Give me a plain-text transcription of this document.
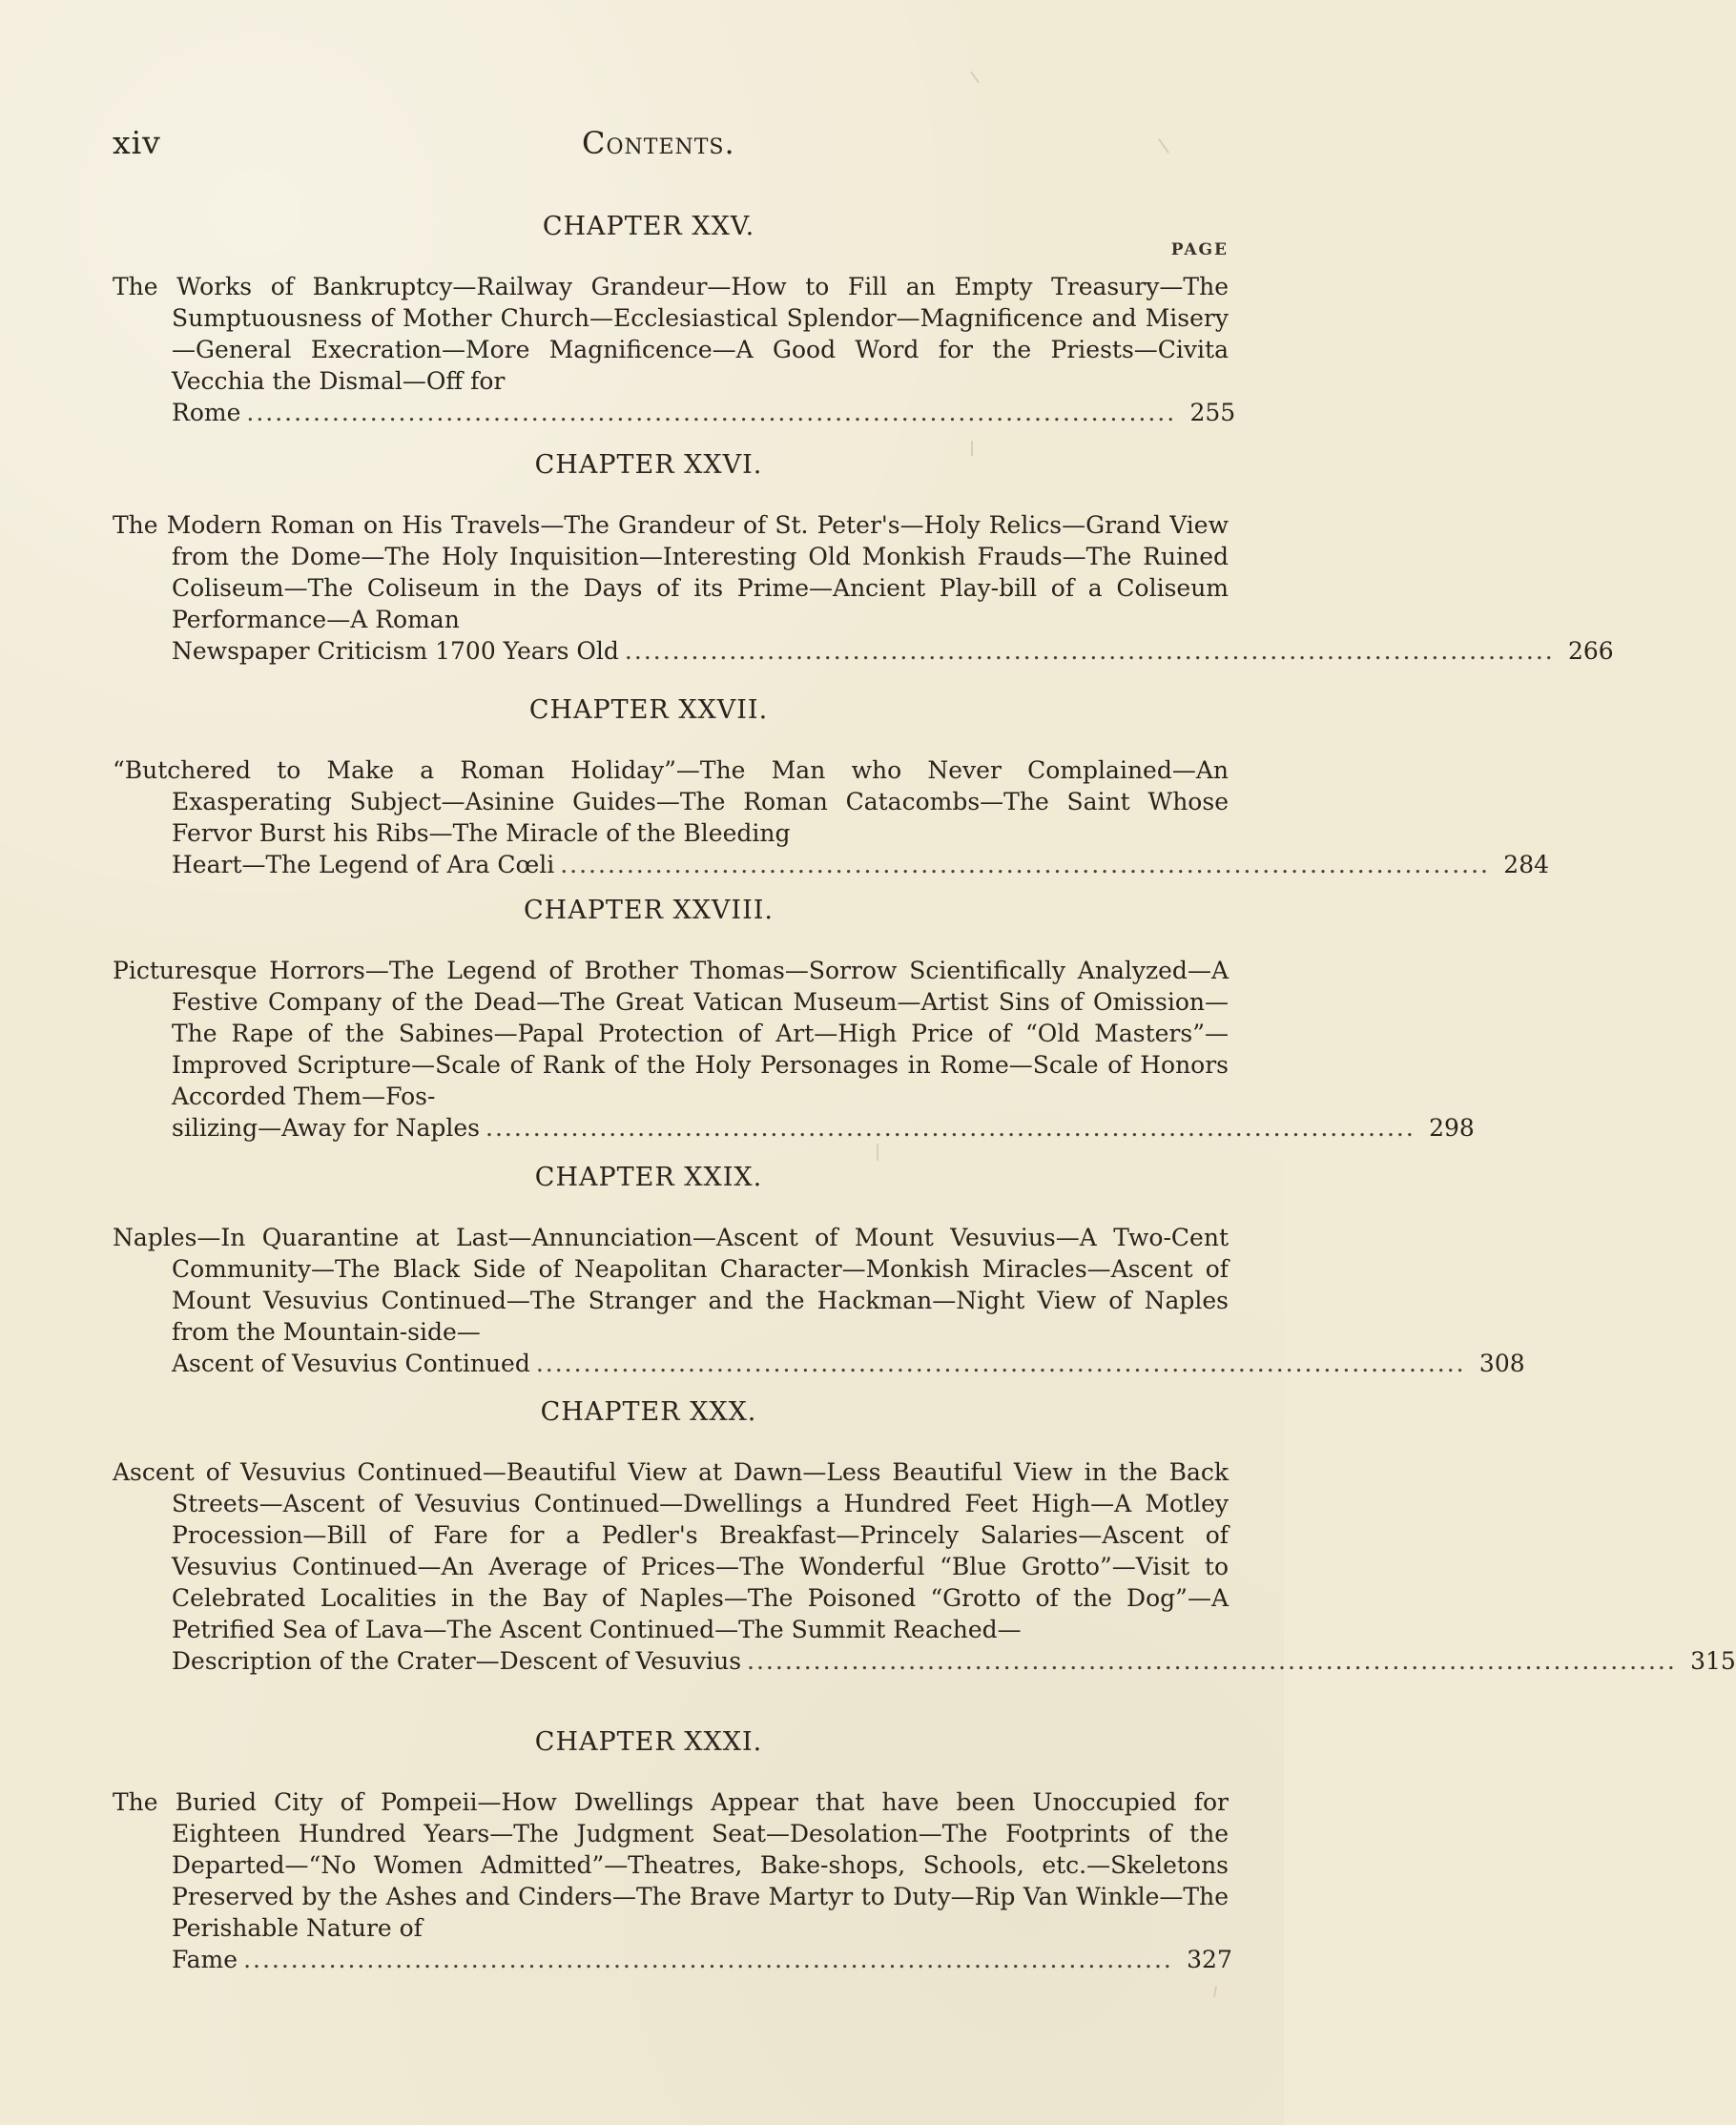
xiv	Contents.
PAGE
CHAPTER XXV.
The Works of Bankruptcy—Railway Grandeur—How to Fill an Empty Treasury—The Sumptuousness of Mother Church—Ecclesiastical Splendor—Magnificence and Misery—General Execration—More Magnificence—A Good Word for the Priests—Civita Vecchia the Dismal—Off for
Rome .................................................................................................. 255
CHAPTER XXVI.
The Modern Roman on His Travels—The Grandeur of St. Peter's—Holy Relics—Grand View from the Dome—The Holy Inquisition—Interesting Old Monkish Frauds—The Ruined Coliseum—The Coliseum in the Days of its Prime—Ancient Play-bill of a Coliseum Performance—A Roman
Newspaper Criticism 1700 Years Old .................................................................................................. 266
CHAPTER XXVII.
“Butchered to Make a Roman Holiday”—The Man who Never Complained—An Exasperating Subject—Asinine Guides—The Roman Catacombs—The Saint Whose Fervor Burst his Ribs—The Miracle of the Bleeding
Heart—The Legend of Ara Cœli .................................................................................................. 284
CHAPTER XXVIII.
Picturesque Horrors—The Legend of Brother Thomas—Sorrow Scientifically Analyzed—A Festive Company of the Dead—The Great Vatican Museum—Artist Sins of Omission—The Rape of the Sabines—Papal Protection of Art—High Price of “Old Masters”—Improved Scripture—Scale of Rank of the Holy Personages in Rome—Scale of Honors Accorded Them—Fos-
silizing—Away for Naples .................................................................................................. 298
CHAPTER XXIX.
Naples—In Quarantine at Last—Annunciation—Ascent of Mount Vesuvius—A Two-Cent Community—The Black Side of Neapolitan Character—Monkish Miracles—Ascent of Mount Vesuvius Continued—The Stranger and the Hackman—Night View of Naples from the Mountain-side—
Ascent of Vesuvius Continued .................................................................................................. 308
CHAPTER XXX.
Ascent of Vesuvius Continued—Beautiful View at Dawn—Less Beautiful View in the Back Streets—Ascent of Vesuvius Continued—Dwellings a Hundred Feet High—A Motley Procession—Bill of Fare for a Pedler's Breakfast—Princely Salaries—Ascent of Vesuvius Continued—An Average of Prices—The Wonderful “Blue Grotto”—Visit to Celebrated Localities in the Bay of Naples—The Poisoned “Grotto of the Dog”—A Petrified Sea of Lava—The Ascent Continued—The Summit Reached—
Description of the Crater—Descent of Vesuvius .................................................................................................. 315
CHAPTER XXXI.
The Buried City of Pompeii—How Dwellings Appear that have been Unoccupied for Eighteen Hundred Years—The Judgment Seat—Desolation—The Footprints of the Departed—“No Women Admitted”—Theatres, Bake-shops, Schools, etc.—Skeletons Preserved by the Ashes and Cinders—The Brave Martyr to Duty—Rip Van Winkle—The Perishable Nature of
Fame .................................................................................................. 327
